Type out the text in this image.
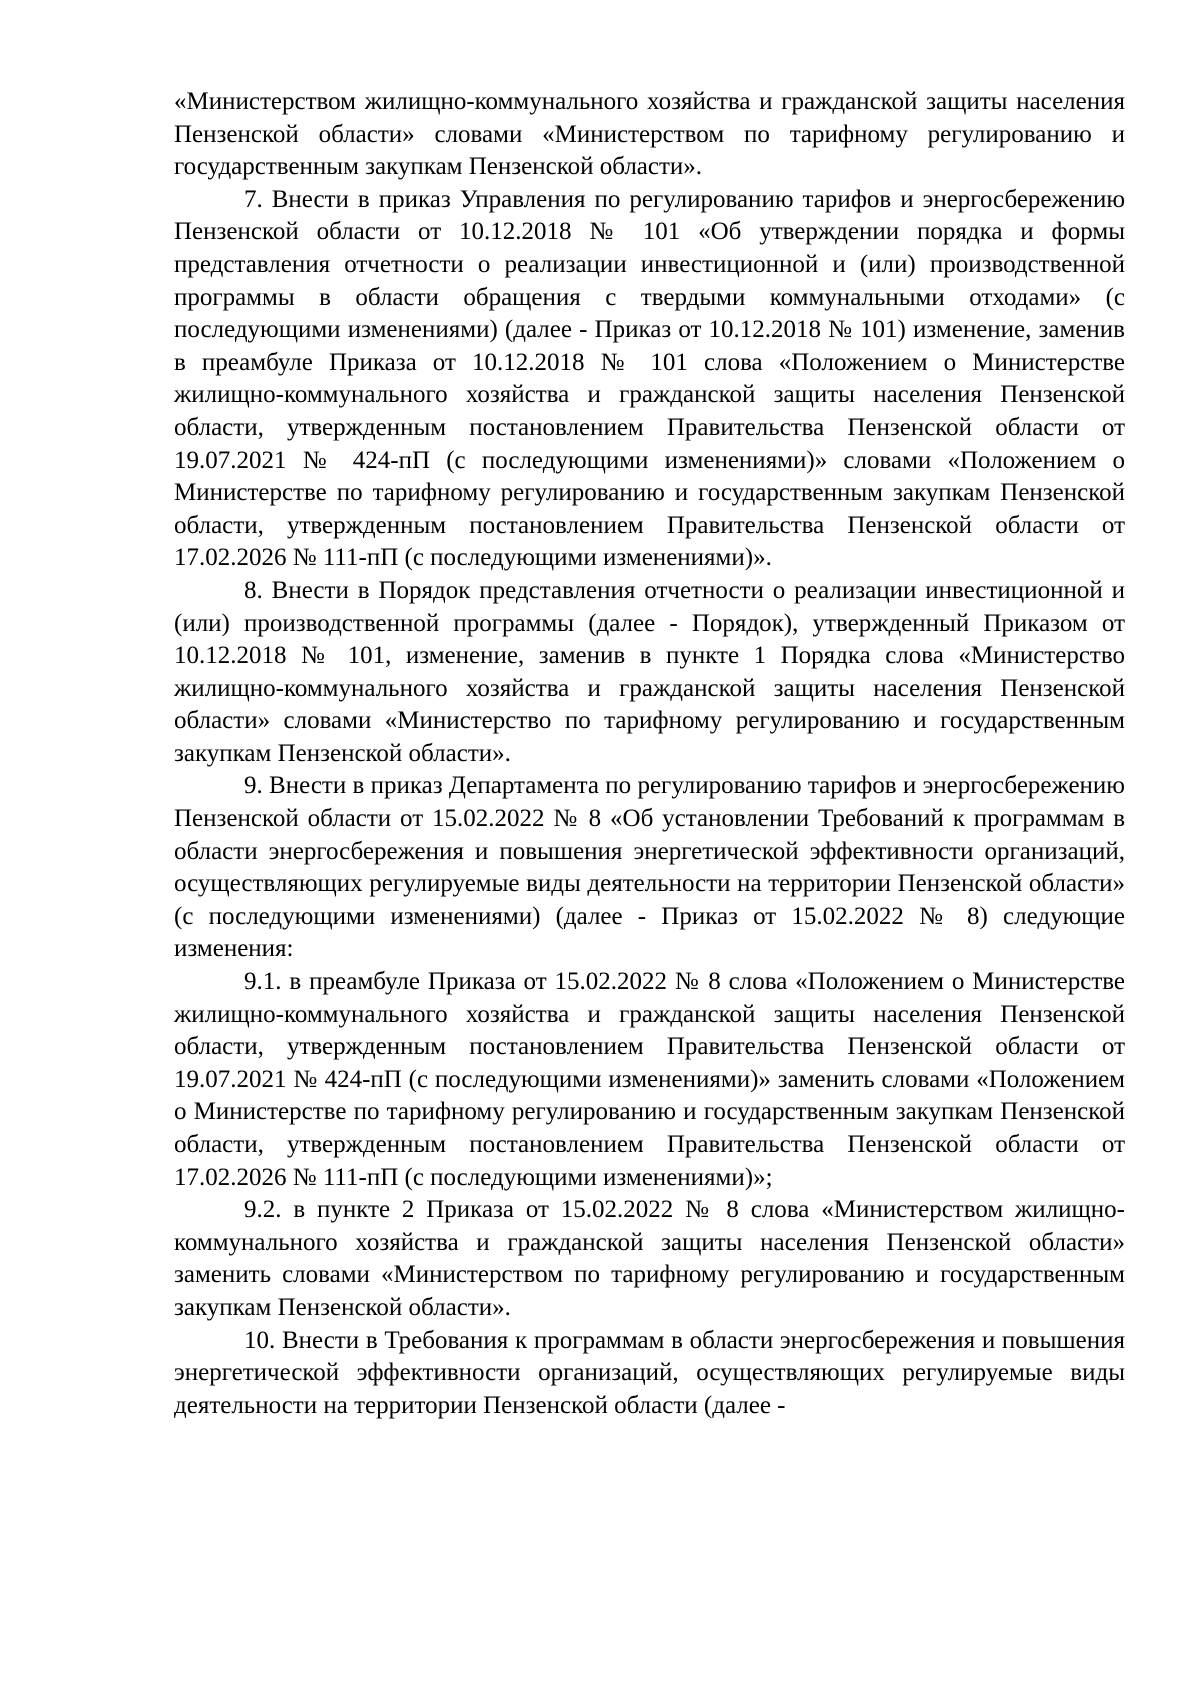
«Министерством жилищно-коммунального хозяйства и гражданской защиты населения Пензенской области» словами «Министерством по тарифному регулированию и государственным закупкам Пензенской области».

7. Внести в приказ Управления по регулированию тарифов и энергосбережению Пензенской области от 10.12.2018 № 101 «Об утверждении порядка и формы представления отчетности о реализации инвестиционной и (или) производственной программы в области обращения с твердыми коммунальными отходами» (с последующими изменениями) (далее - Приказ от 10.12.2018 № 101) изменение, заменив в преамбуле Приказа от 10.12.2018 № 101 слова «Положением о Министерстве жилищно-коммунального хозяйства и гражданской защиты населения Пензенской области, утвержденным постановлением Правительства Пензенской области от 19.07.2021 № 424-пП (с последующими изменениями)» словами «Положением о Министерстве по тарифному регулированию и государственным закупкам Пензенской области, утвержденным постановлением Правительства Пензенской области от 17.02.2026 № 111-пП (с последующими изменениями)».

8. Внести в Порядок представления отчетности о реализации инвестиционной и (или) производственной программы (далее - Порядок), утвержденный Приказом от 10.12.2018 № 101, изменение, заменив в пункте 1 Порядка слова «Министерство жилищно-коммунального хозяйства и гражданской защиты населения Пензенской области» словами «Министерство по тарифному регулированию и государственным закупкам Пензенской области».

9. Внести в приказ Департамента по регулированию тарифов и энергосбережению Пензенской области от 15.02.2022 № 8 «Об установлении Требований к программам в области энергосбережения и повышения энергетической эффективности организаций, осуществляющих регулируемые виды деятельности на территории Пензенской области» (с последующими изменениями) (далее - Приказ от 15.02.2022 № 8) следующие изменения:

9.1. в преамбуле Приказа от 15.02.2022 № 8 слова «Положением о Министерстве жилищно-коммунального хозяйства и гражданской защиты населения Пензенской области, утвержденным постановлением Правительства Пензенской области от 19.07.2021 № 424-пП (с последующими изменениями)» заменить словами «Положением о Министерстве по тарифному регулированию и государственным закупкам Пензенской области, утвержденным постановлением Правительства Пензенской области от 17.02.2026 № 111-пП (с последующими изменениями)»;

9.2. в пункте 2 Приказа от 15.02.2022 № 8 слова «Министерством жилищно-коммунального хозяйства и гражданской защиты населения Пензенской области» заменить словами «Министерством по тарифному регулированию и государственным закупкам Пензенской области».

10. Внести в Требования к программам в области энергосбережения и повышения энергетической эффективности организаций, осуществляющих регулируемые виды деятельности на территории Пензенской области (далее -
